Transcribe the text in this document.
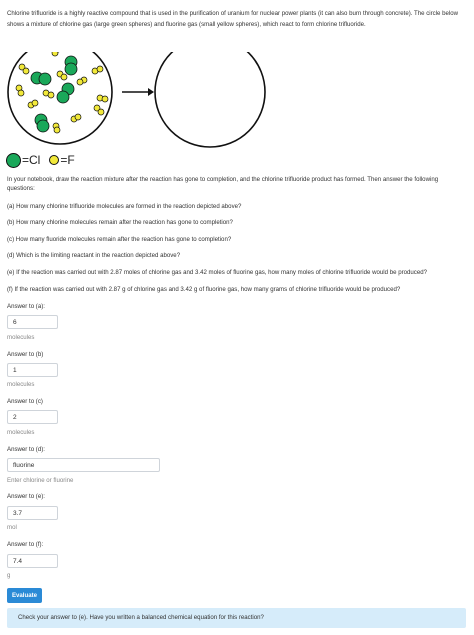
Chlorine trifluoride is a highly reactive compound that is used in the purification of uranium for nuclear power plants (it can also burn through concrete). The circle below shows a mixture of chlorine gas (large green spheres) and fluorine gas (small yellow spheres), which react to form chlorine trifluoride.
=Cl =F
In your notebook, draw the reaction mixture after the reaction has gone to completion, and the chlorine trifluoride product has formed. Then answer the following questions:
(a) How many chlorine trifluoride molecules are formed in the reaction depicted above?
(b) How many chlorine molecules remain after the reaction has gone to completion?
(c) How many fluoride molecules remain after the reaction has gone to completion?
(d) Which is the limiting reactant in the reaction depicted above?
(e) If the reaction was carried out with 2.87 moles of chlorine gas and 3.42 moles of fluorine gas, how many moles of chlorine trifluoride would be produced?
(f) If the reaction was carried out with 2.87 g of chlorine gas and 3.42 g of fluorine gas, how many grams of chlorine trifluoride would be produced?
Answer to (a):
6
molecules
Answer to (b)
1
molecules
Answer to (c)
2
molecules
Answer to (d):
fluorine
Enter chlorine or fluorine
Answer to (e):
3.7
mol
Answer to (f):
7.4
g
Evaluate
Check your answer to (e). Have you written a balanced chemical equation for this reaction?
